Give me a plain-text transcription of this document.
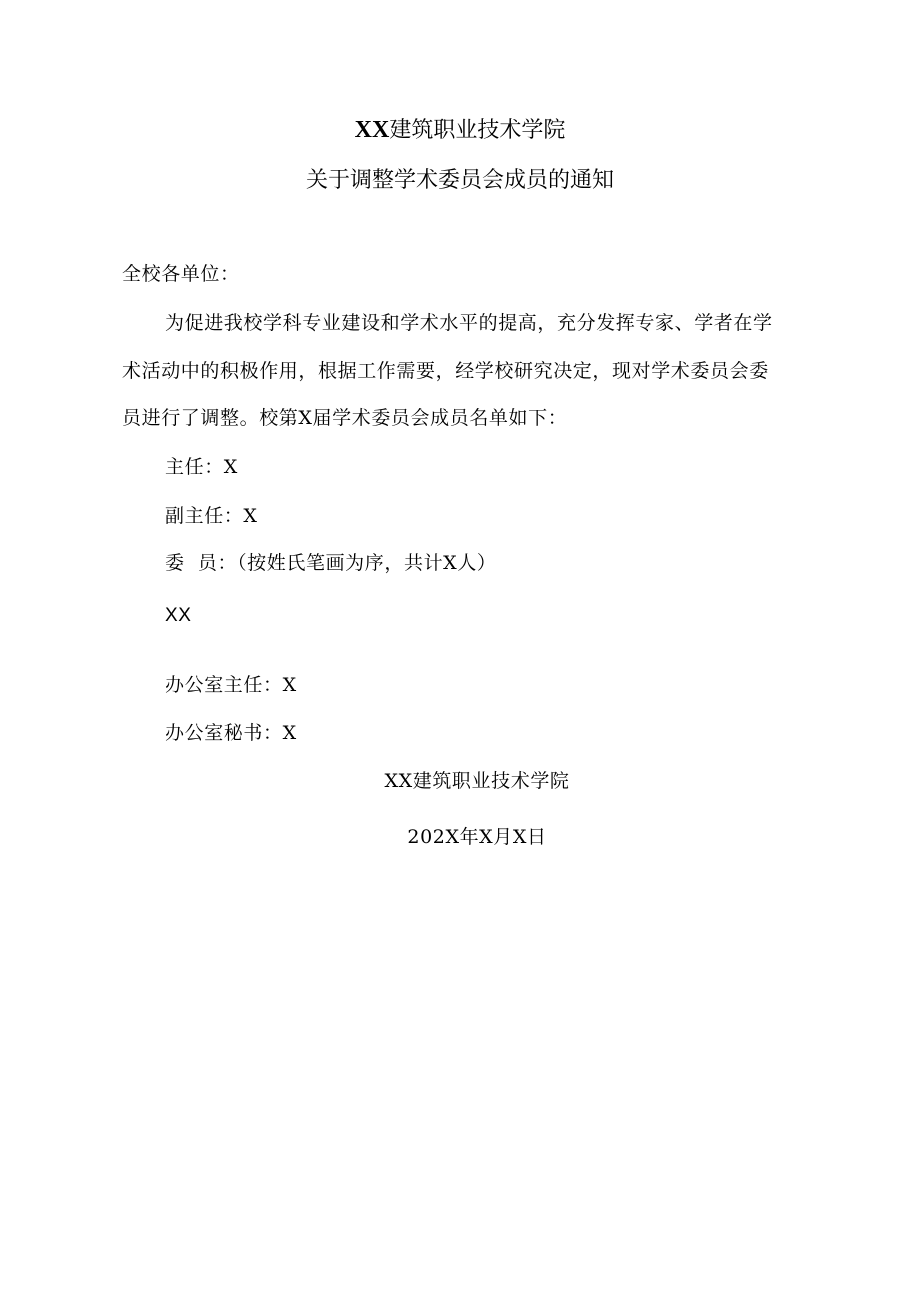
XX建筑职业技术学院
关于调整学术委员会成员的通知
全校各单位：
为促进我校学科专业建设和学术水平的提高，充分发挥专家、学者在学
术活动中的积极作用，根据工作需要，经学校研究决定，现对学术委员会委
员进行了调整。校第X届学术委员会成员名单如下：
主任：X
副主任：X
委  员：（按姓氏笔画为序，共计X人）
XX
办公室主任：X
办公室秘书：X
XX建筑职业技术学院
202X年X月X日
